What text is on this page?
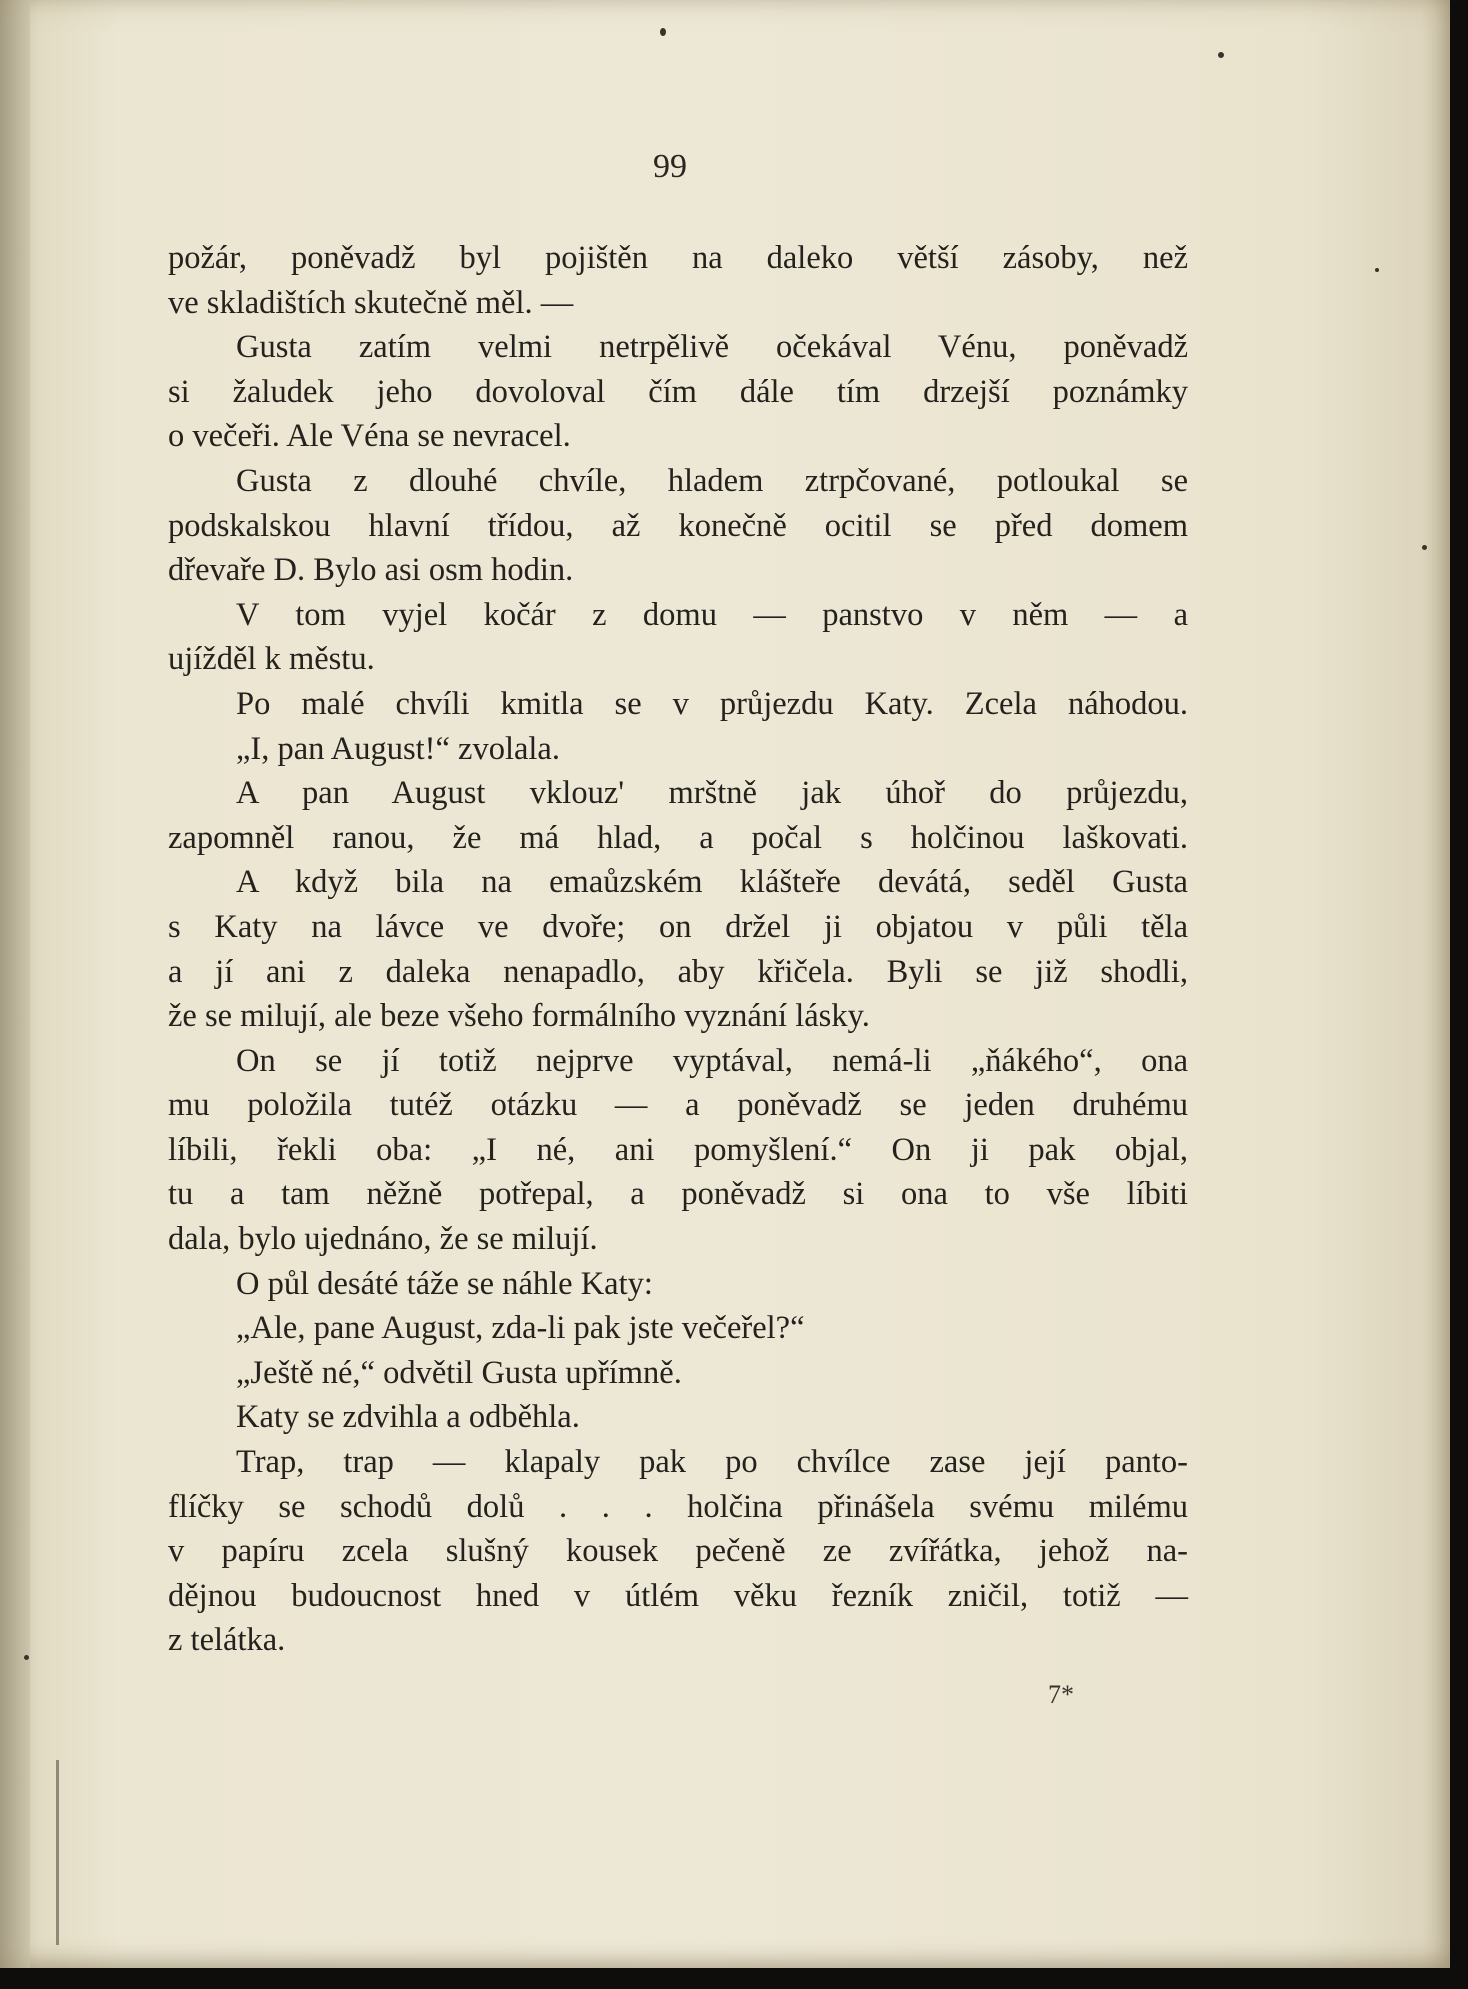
99
požár, poněvadž byl pojištěn na daleko větší zásoby, než
ve skladištích skutečně měl. —
Gusta zatím velmi netrpělivě očekával Vénu, poněvadž
si žaludek jeho dovoloval čím dále tím drzejší poznámky
o večeři. Ale Véna se nevracel.
Gusta z dlouhé chvíle, hladem ztrpčované, potloukal se
podskalskou hlavní třídou, až konečně ocitil se před domem
dřevaře D. Bylo asi osm hodin.
V tom vyjel kočár z domu — panstvo v něm — a
ujížděl k městu.
Po malé chvíli kmitla se v průjezdu Katy. Zcela náhodou.
„I, pan August!“ zvolala.
A pan August vklouz' mrštně jak úhoř do průjezdu,
zapomněl ranou, že má hlad, a počal s holčinou laškovati.
A když bila na emaůzském klášteře devátá, seděl Gusta
s Katy na lávce ve dvoře; on držel ji objatou v půli těla
a jí ani z daleka nenapadlo, aby křičela. Byli se již shodli,
že se milují, ale beze všeho formálního vyznání lásky.
On se jí totiž nejprve vyptával, nemá-li „ňákého“, ona
mu položila tutéž otázku — a poněvadž se jeden druhému
líbili, řekli oba: „I né, ani pomyšlení.“ On ji pak objal,
tu a tam něžně potřepal, a poněvadž si ona to vše líbiti
dala, bylo ujednáno, že se milují.
O půl desáté táže se náhle Katy:
„Ale, pane August, zda-li pak jste večeřel?“
„Ještě né,“ odvětil Gusta upřímně.
Katy se zdvihla a odběhla.
Trap, trap — klapaly pak po chvílce zase její panto-
flíčky se schodů dolů . . . holčina přinášela svému milému
v papíru zcela slušný kousek pečeně ze zvířátka, jehož na-
dějnou budoucnost hned v útlém věku řezník zničil, totiž —
z telátka.
7*
